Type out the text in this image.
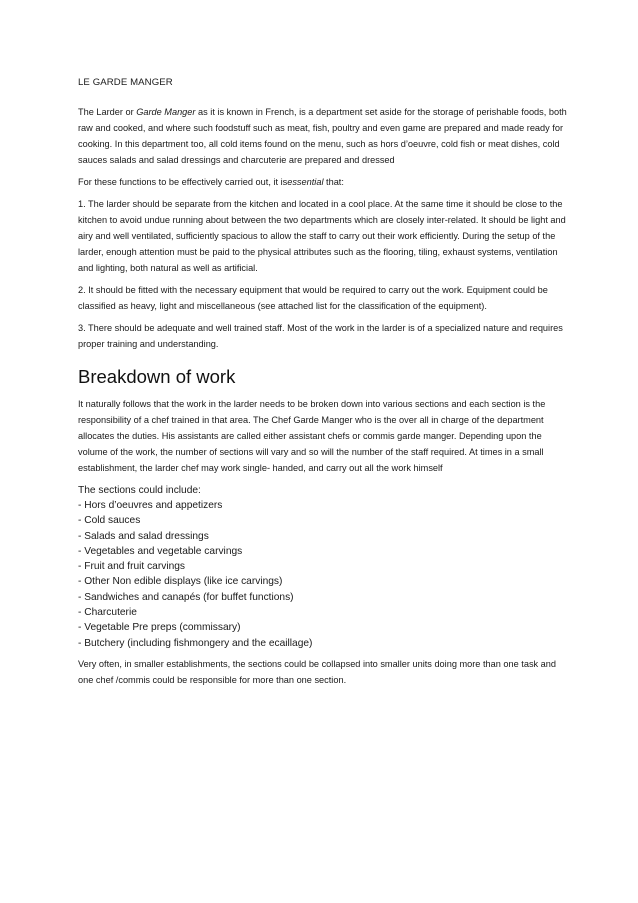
LE GARDE MANGER

The Larder or Garde Manger as it is known in French, is a department set aside for the storage of perishable foods, both raw and cooked, and where such foodstuff such as meat, fish, poultry and even game are prepared and made ready for cooking. In this department too, all cold items found on the menu, such as hors d’oeuvre, cold fish or meat dishes, cold sauces salads and salad dressings and charcuterie are prepared and dressed

For these functions to be effectively carried out, it isessential that:

1. The larder should be separate from the kitchen and located in a cool place. At the same time it should be close to the kitchen to avoid undue running about between the two departments which are closely inter-related. It should be light and airy and well ventilated, sufficiently spacious to allow the staff to carry out their work efficiently. During the setup of the larder, enough attention must be paid to the physical attributes such as the flooring, tiling, exhaust systems, ventilation and lighting, both natural as well as artificial.

2. It should be fitted with the necessary equipment that would be required to carry out the work. Equipment could be classified as heavy, light and miscellaneous (see attached list for the classification of the equipment).

3. There should be adequate and well trained staff. Most of the work in the larder is of a specialized nature and requires proper training and understanding.

Breakdown of work

It naturally follows that the work in the larder needs to be broken down into various sections and each section is the responsibility of a chef trained in that area. The Chef Garde Manger who is the over all in charge of the department allocates the duties. His assistants are called either assistant chefs or commis garde manger. Depending upon the volume of the work, the number of sections will vary and so will the number of the staff required. At times in a small establishment, the larder chef may work single- handed, and carry out all the work himself

The sections could include:
- Hors d’oeuvres and appetizers
- Cold sauces
- Salads and salad dressings
- Vegetables and vegetable carvings
- Fruit and fruit carvings
- Other Non edible displays (like ice carvings)
- Sandwiches and canapés (for buffet functions)
- Charcuterie
- Vegetable Pre preps (commissary)
- Butchery (including fishmongery and the ecaillage)

Very often, in smaller establishments, the sections could be collapsed into smaller units doing more than one task and one chef /commis could be responsible for more than one section.
